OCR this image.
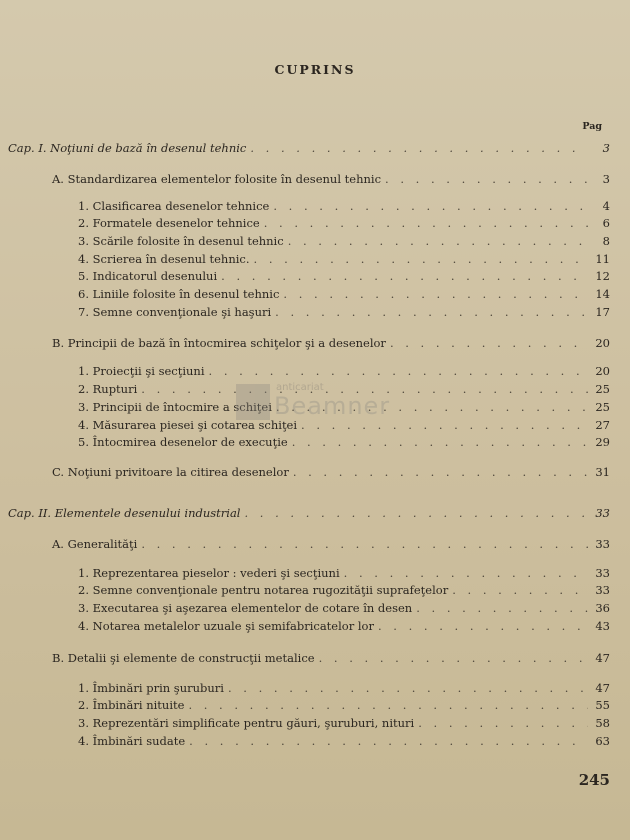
CUPRINS
Pag
Cap. I. Noţiuni de bază în desenul tehnic . . .	3
A. Standardizarea elementelor folosite în desenul tehnic . . .	3
1. Clasificarea desenelor tehnice . . .	4
2. Formatele desenelor tehnice . . .	6
3. Scările folosite în desenul tehnic . . .	8
4. Scrierea în desenul tehnic. . . .	11
5. Indicatorul desenului . . .	12
6. Liniile folosite în desenul tehnic . . .	14
7. Semne convenţionale şi haşuri . . .	17
B. Principii de bază în întocmirea schiţelor şi a desenelor . . .	20
1. Proiecţii şi secţiuni . . .	20
2. Rupturi . . .	25
3. Principii de întocmire a schiţei . . .	25
4. Măsurarea piesei şi cotarea schiţei . . .	27
5. Întocmirea desenelor de execuţie . . .	29
C. Noţiuni privitoare la citirea desenelor . . .	31
Cap. II. Elementele desenului industrial . . .	33
A. Generalităţi . . .	33
1. Reprezentarea pieselor : vederi şi secţiuni . . .	33
2. Semne convenţionale pentru notarea rugozităţii suprafeţelor . . .	33
3. Executarea şi aşezarea elementelor de cotare în desen . . .	36
4. Notarea metalelor uzuale şi semifabricatelor lor . . .	43
B. Detalii şi elemente de construcţii metalice . . .	47
1. Îmbinări prin şuruburi . . .	47
2. Îmbinări nituite . . .	55
3. Reprezentări simplificate pentru găuri, şuruburi, nituri . . .	58
4. Îmbinări sudate . . .	63
245
anticariat
Beamner
